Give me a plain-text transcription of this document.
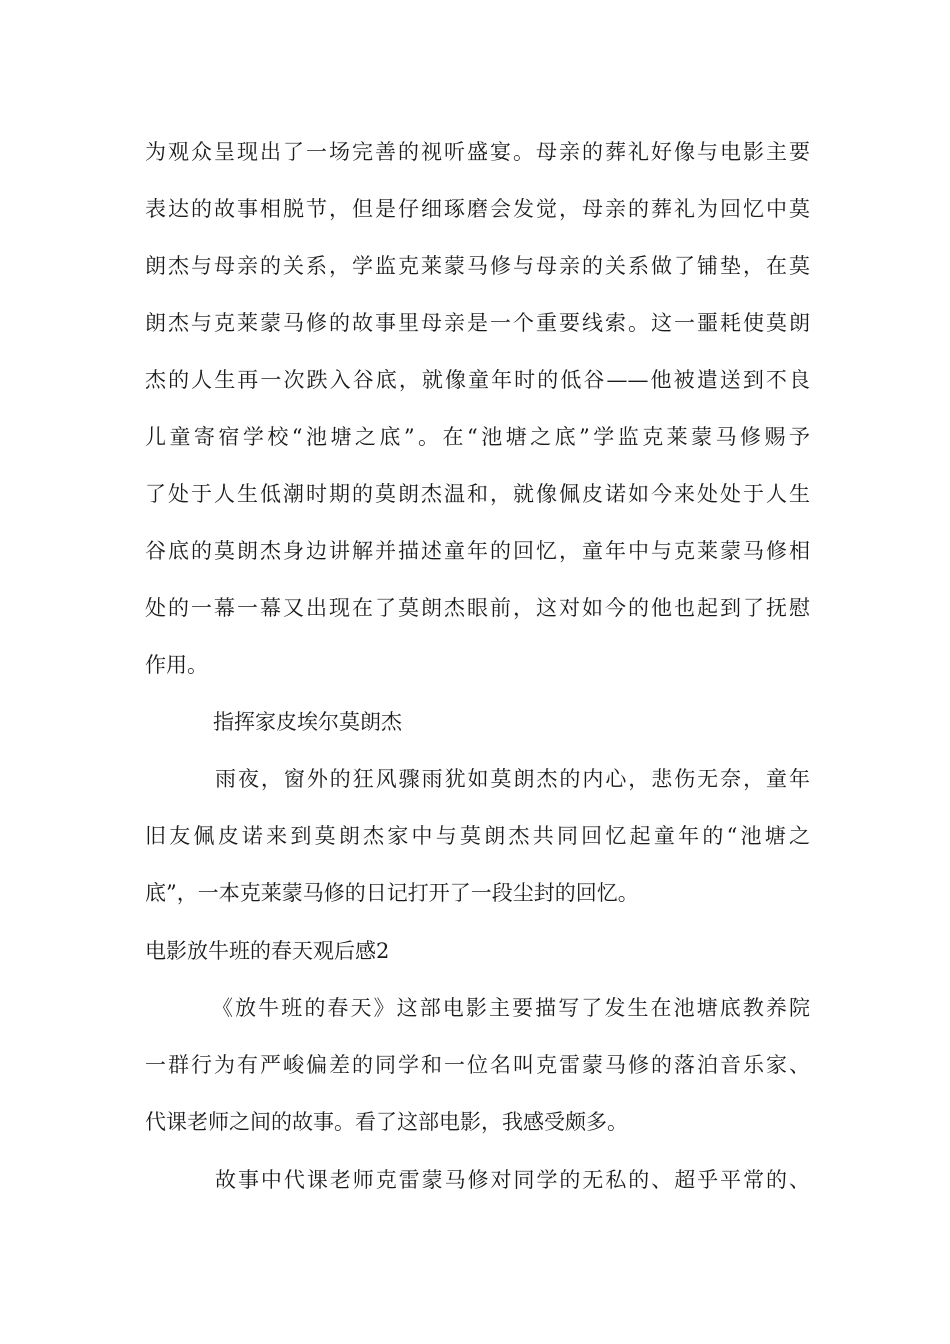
为观众呈现出了一场完善的视听盛宴。母亲的葬礼好像与电影主要
表达的故事相脱节，但是仔细琢磨会发觉，母亲的葬礼为回忆中莫
朗杰与母亲的关系，学监克莱蒙马修与母亲的关系做了铺垫，在莫
朗杰与克莱蒙马修的故事里母亲是一个重要线索。这一噩耗使莫朗
杰的人生再一次跌入谷底，就像童年时的低谷——他被遣送到不良
儿童寄宿学校“池塘之底”。在“池塘之底”学监克莱蒙马修赐予
了处于人生低潮时期的莫朗杰温和，就像佩皮诺如今来处处于人生
谷底的莫朗杰身边讲解并描述童年的回忆，童年中与克莱蒙马修相
处的一幕一幕又出现在了莫朗杰眼前，这对如今的他也起到了抚慰
作用。
指挥家皮埃尔莫朗杰
雨夜，窗外的狂风骤雨犹如莫朗杰的内心，悲伤无奈，童年
旧友佩皮诺来到莫朗杰家中与莫朗杰共同回忆起童年的“池塘之
底”，一本克莱蒙马修的日记打开了一段尘封的回忆。
电影放牛班的春天观后感2
《放牛班的春天》这部电影主要描写了发生在池塘底教养院
一群行为有严峻偏差的同学和一位名叫克雷蒙马修的落泊音乐家、
代课老师之间的故事。看了这部电影，我感受颇多。
故事中代课老师克雷蒙马修对同学的无私的、超乎平常的、
